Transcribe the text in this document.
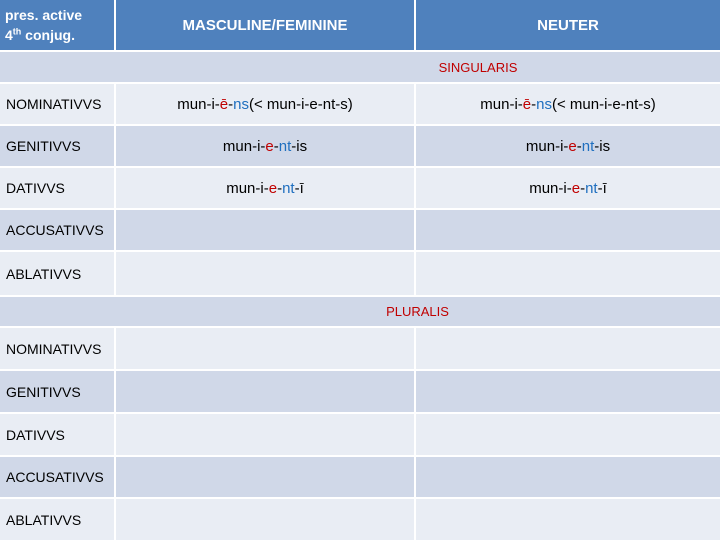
pres. active
4th conjug.
MASCULINE/FEMININE	NEUTER
SINGULARIS
NOMINATIVVS	mun-i- ē - ns (< mun-i-e-nt-s)	mun-i- ē - ns (< mun-i-e-nt-s)
GENITIVVS	mun-i- e - nt -is	mun-i- e - nt -is
DATIVVS	mun-i- e - nt -ī	mun-i- e - nt -ī
ACCUSATIVVS
ABLATIVVS
PLURALIS
NOMINATIVVS
GENITIVVS
DATIVVS
ACCUSATIVVS
ABLATIVVS
